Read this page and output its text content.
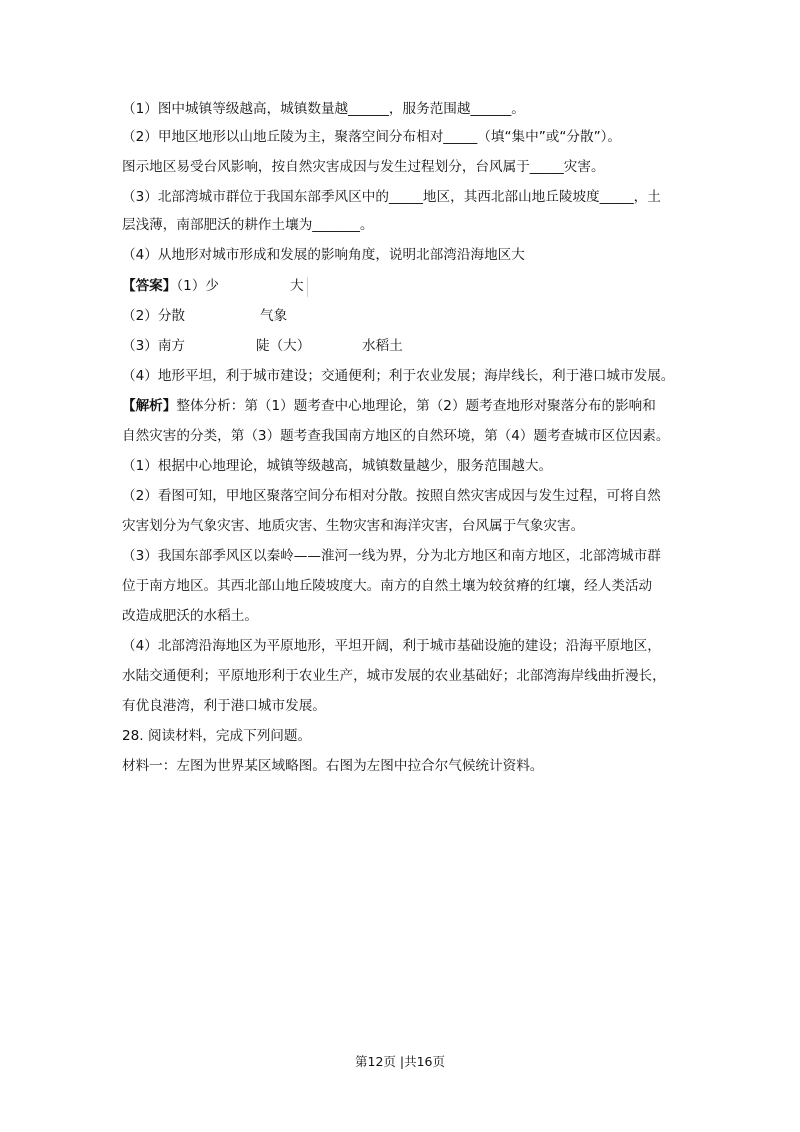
（1）图中城镇等级越高，城镇数量越______，服务范围越______。
（2）甲地区地形以山地丘陵为主，聚落空间分布相对_____（填“集中”或“分散”）。
图示地区易受台风影响，按自然灾害成因与发生过程划分，台风属于_____灾害。
（3）北部湾城市群位于我国东部季风区中的_____地区，其西北部山地丘陵坡度_____，土
层浅薄，南部肥沃的耕作土壤为_______。
（4）从地形对城市形成和发展的影响角度，说明北部湾沿海地区大
【答案】（1）少	大
（2）分散	气象
（3）南方	陡（大）	水稻土
（4）地形平坦，利于城市建设；交通便利；利于农业发展；海岸线长，利于港口城市发展。
【解析】整体分析：第（1）题考查中心地理论，第（2）题考查地形对聚落分布的影响和
自然灾害的分类，第（3）题考查我国南方地区的自然环境，第（4）题考查城市区位因素。
（1）根据中心地理论，城镇等级越高，城镇数量越少，服务范围越大。
（2）看图可知，甲地区聚落空间分布相对分散。按照自然灾害成因与发生过程，可将自然
灾害划分为气象灾害、地质灾害、生物灾害和海洋灾害，台风属于气象灾害。
（3）我国东部季风区以秦岭——淮河一线为界，分为北方地区和南方地区，北部湾城市群
位于南方地区。其西北部山地丘陵坡度大。南方的自然土壤为较贫瘠的红壤，经人类活动
改造成肥沃的水稻土。
（4）北部湾沿海地区为平原地形，平坦开阔，利于城市基础设施的建设；沿海平原地区，
水陆交通便利；平原地形利于农业生产，城市发展的农业基础好；北部湾海岸线曲折漫长，
有优良港湾，利于港口城市发展。
28. 阅读材料，完成下列问题。
材料一：左图为世界某区域略图。右图为左图中拉合尔气候统计资料。
第12页 |共16页
